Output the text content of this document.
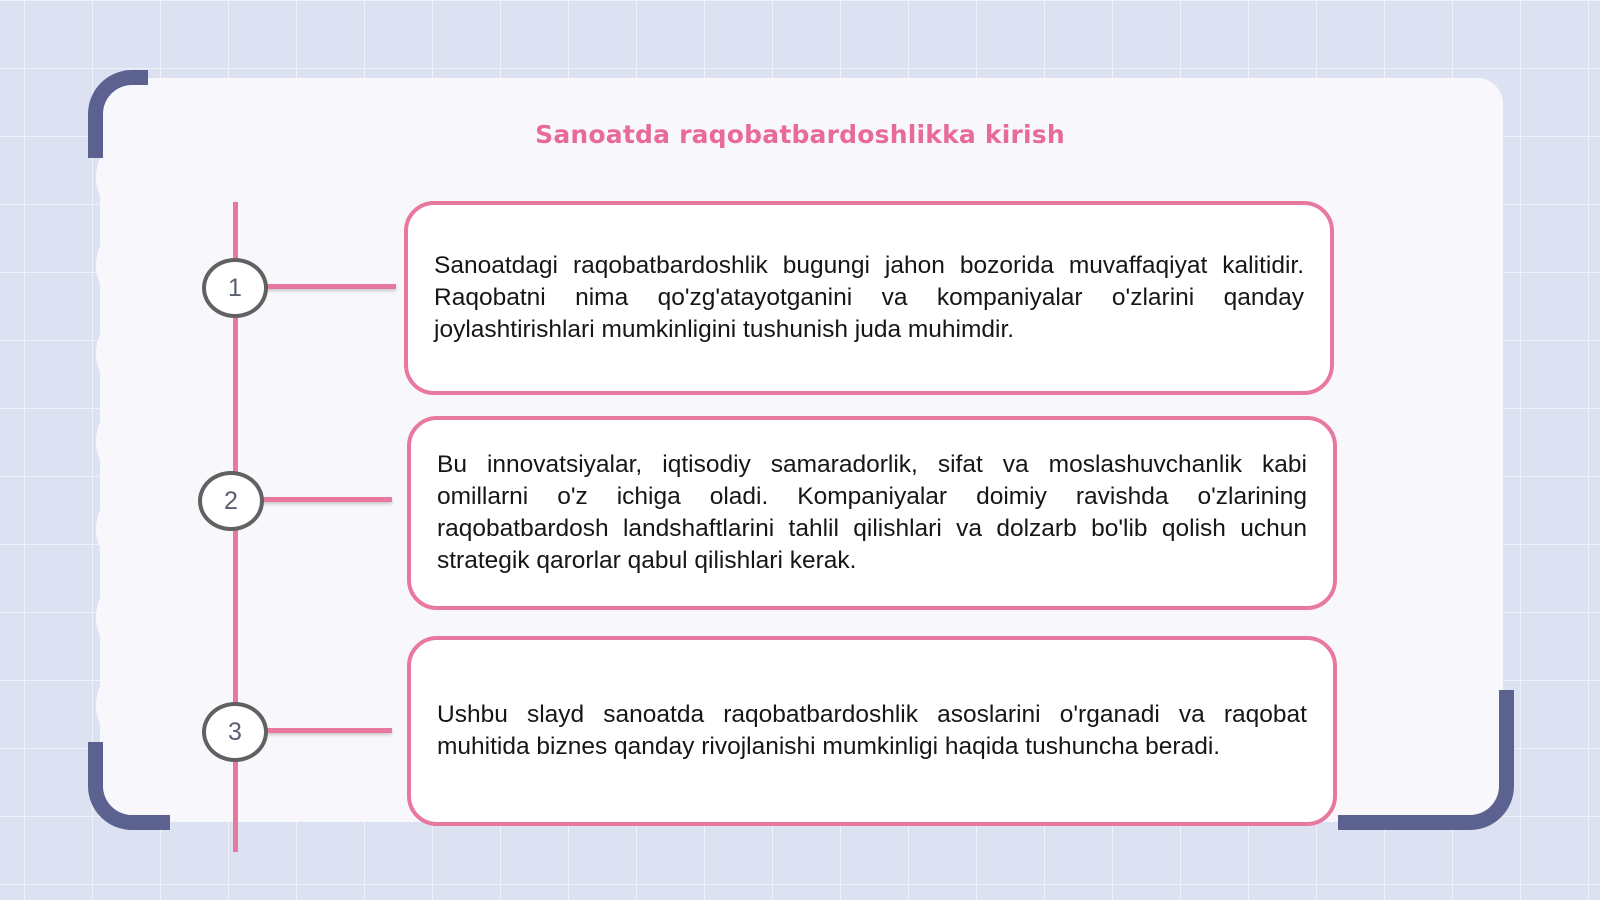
Sanoatda raqobatbardoshlikka kirish
1

Sanoatdagi raqobatbardoshlik bugungi jahon bozorida muvaffaqiyat kalitidir. Raqobatni nima qo'zg'atayotganini va kompaniyalar o'zlarini qanday joylashtirishlari mumkinligini tushunish juda muhimdir.

2

Bu innovatsiyalar, iqtisodiy samaradorlik, sifat va moslashuvchanlik kabi omillarni o'z ichiga oladi. Kompaniyalar doimiy ravishda o'zlarining raqobatbardosh landshaftlarini tahlil qilishlari va dolzarb bo'lib qolish uchun strategik qarorlar qabul qilishlari kerak.

3

Ushbu slayd sanoatda raqobatbardoshlik asoslarini o'rganadi va raqobat muhitida biznes qanday rivojlanishi mumkinligi haqida tushuncha beradi.
